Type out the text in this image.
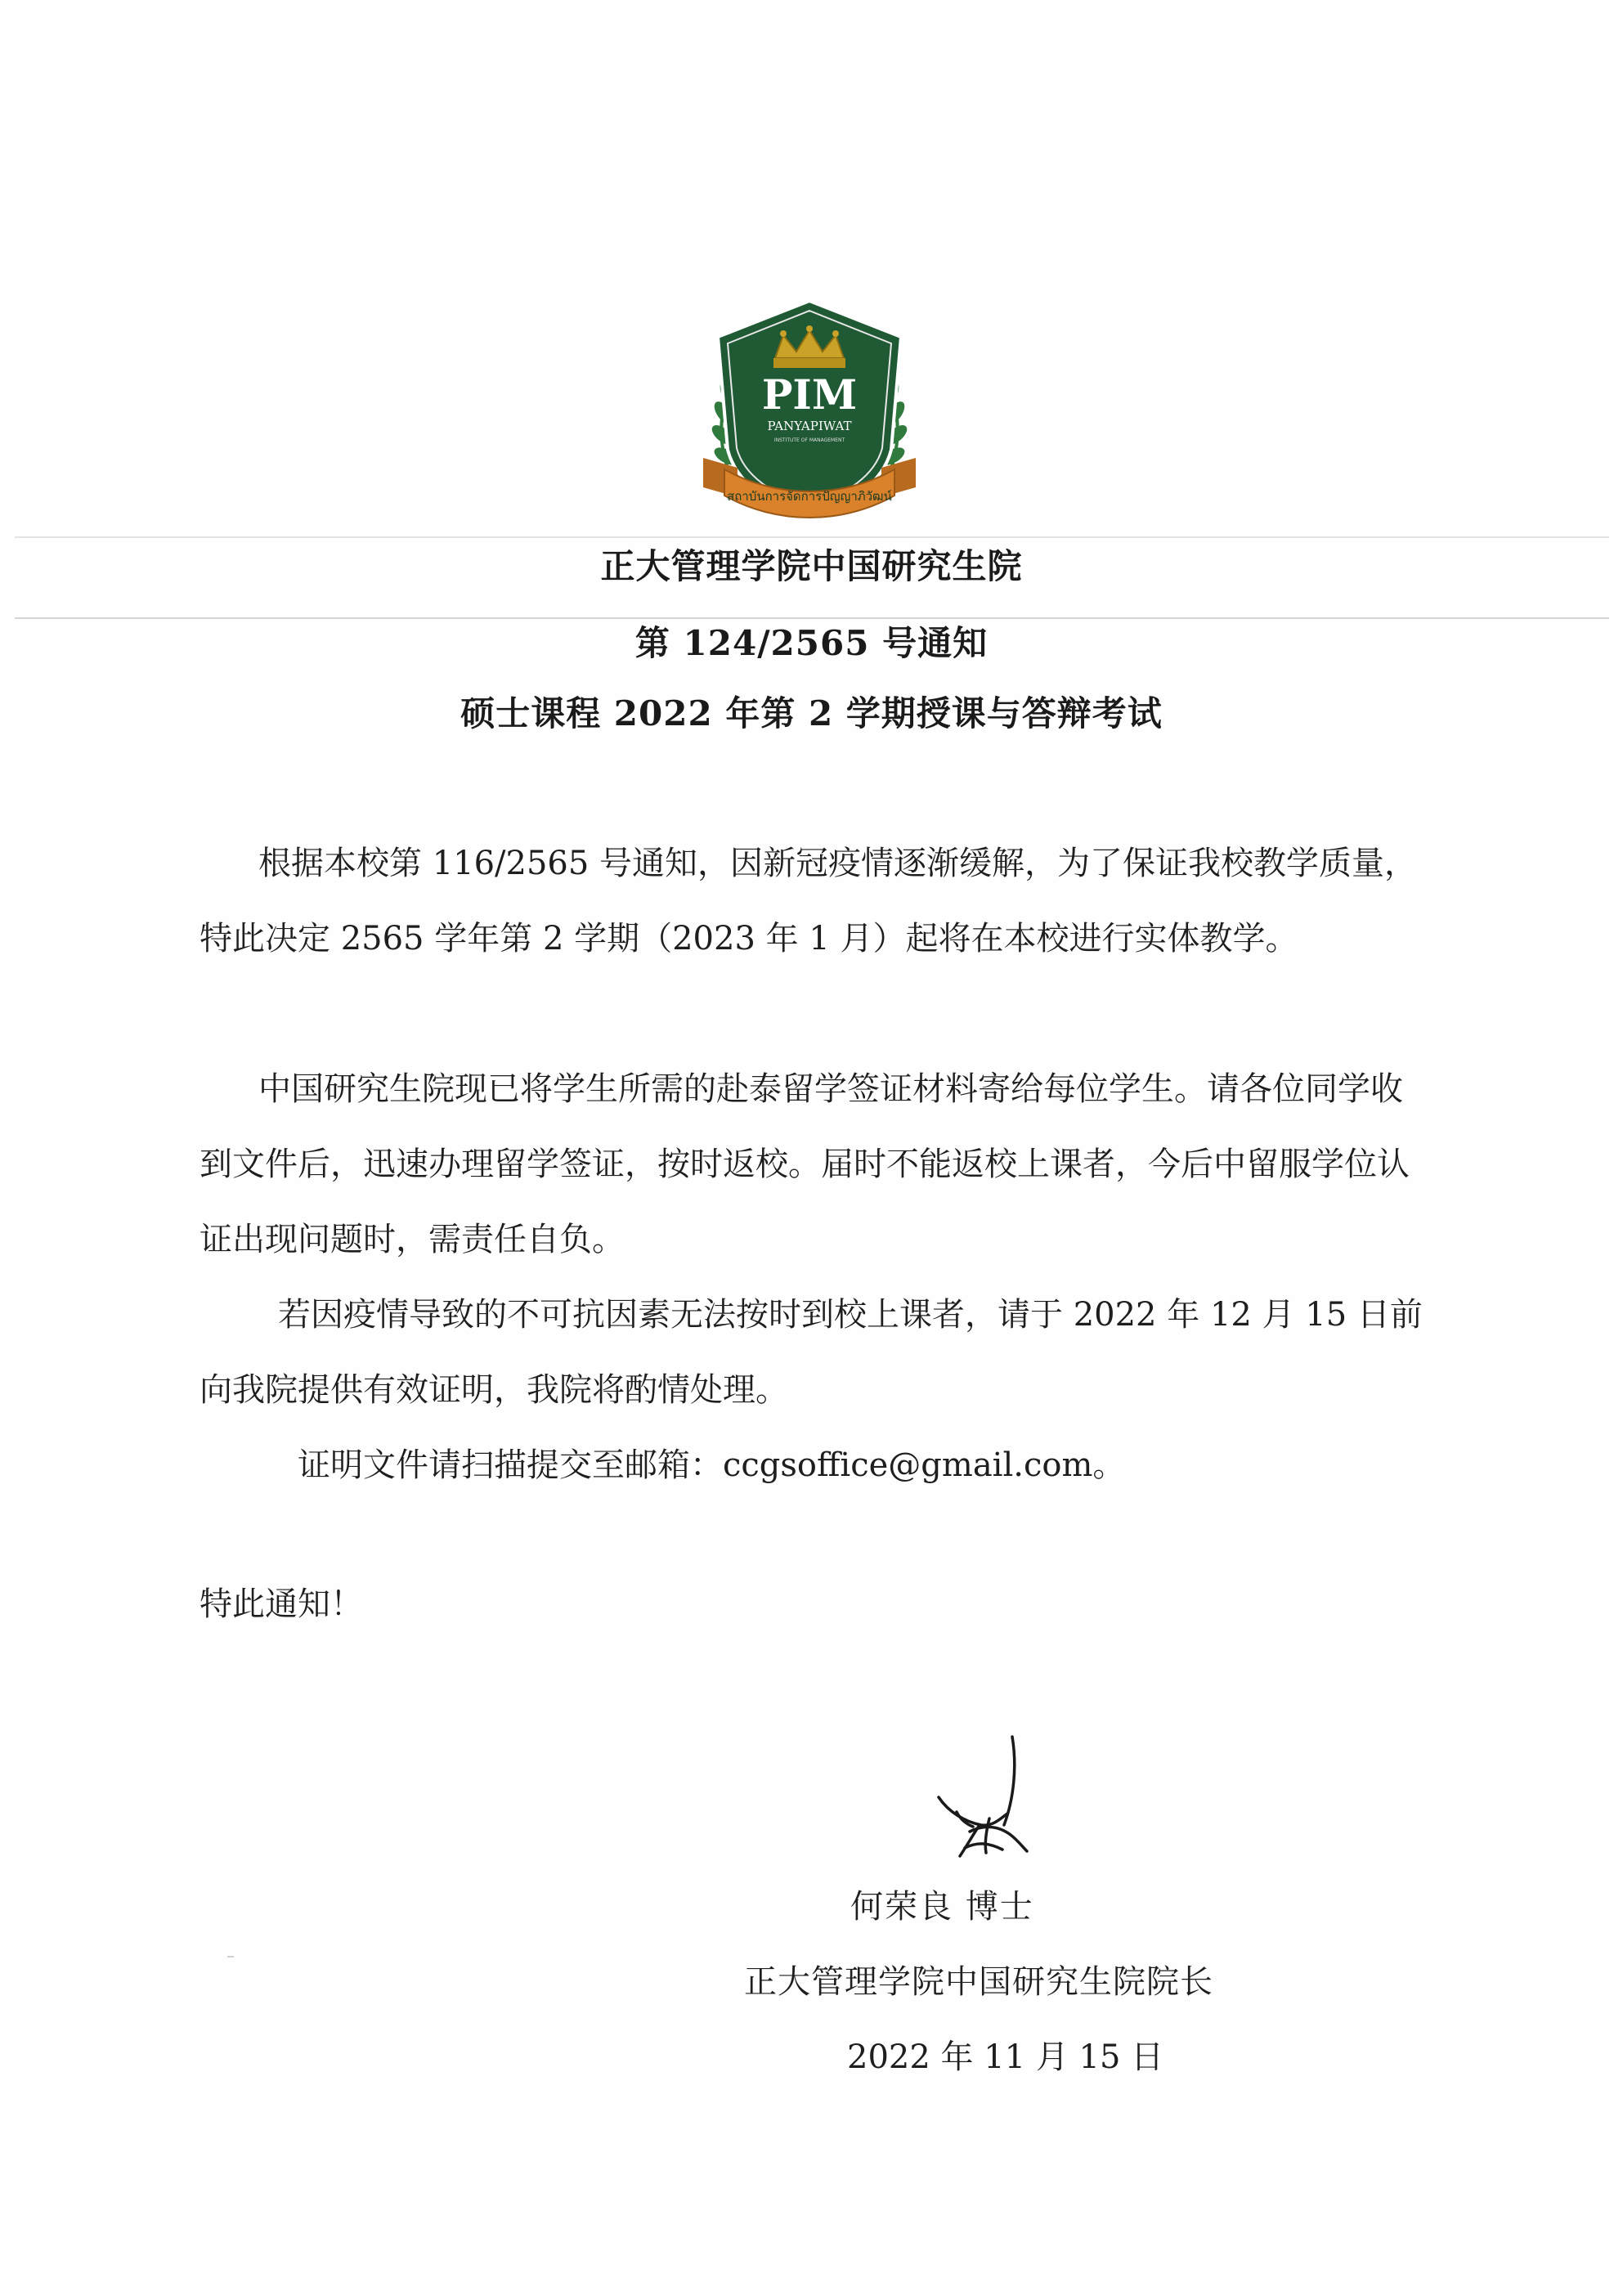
PIM
PANYAPIWAT
INSTITUTE OF MANAGEMENT
สถาบันการจัดการปัญญาภิวัฒน์
正大管理学院中国研究生院
第 124/2565 号通知
硕士课程 2022 年第 2 学期授课与答辩考试

根据本校第 116/2565 号通知，因新冠疫情逐渐缓解，为了保证我校教学质量，特此决定 2565 学年第 2 学期（2023 年 1 月）起将在本校进行实体教学。

中国研究生院现已将学生所需的赴泰留学签证材料寄给每位学生。请各位同学收到文件后，迅速办理留学签证，按时返校。届时不能返校上课者，今后中留服学位认证出现问题时，需责任自负。

若因疫情导致的不可抗因素无法按时到校上课者，请于 2022 年 12 月 15 日前向我院提供有效证明，我院将酌情处理。

证明文件请扫描提交至邮箱：ccgsoffice@gmail.com。

特此通知！
何荣良 博士
正大管理学院中国研究生院院长
2022 年 11 月 15 日
